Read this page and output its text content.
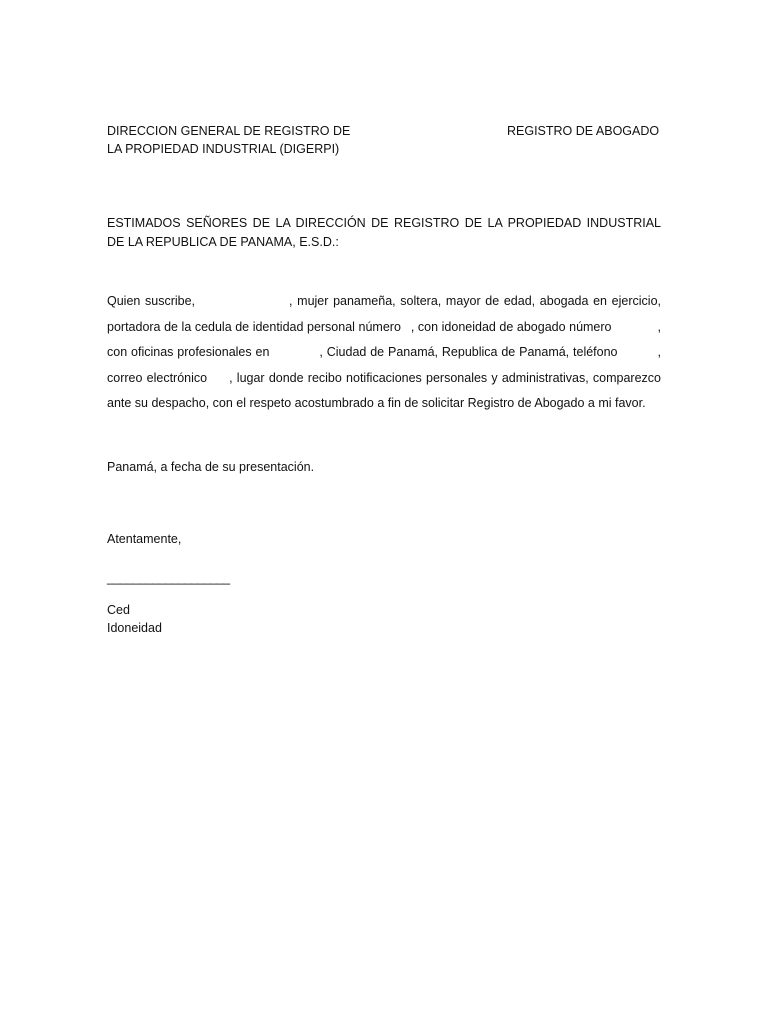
DIRECCION GENERAL DE REGISTRO DE
LA PROPIEDAD INDUSTRIAL (DIGERPI)
REGISTRO DE ABOGADO
ESTIMADOS SEÑORES DE LA DIRECCIÓN DE REGISTRO DE LA PROPIEDAD INDUSTRIAL DE LA REPUBLICA DE PANAMA, E.S.D.:
Quien suscribe,	, mujer panameña, soltera, mayor de edad, abogada en ejercicio, portadora de la cedula de identidad personal número , con idoneidad de abogado número	, con oficinas profesionales en	, Ciudad de Panamá, Republica de Panamá, teléfono	, correo electrónico , lugar donde recibo notificaciones personales y administrativas, comparezco ante su despacho, con el respeto acostumbrado a fin de solicitar Registro de Abogado a mi favor.
Panamá, a fecha de su presentación.
Atentamente,
___________________
Ced
Idoneidad
